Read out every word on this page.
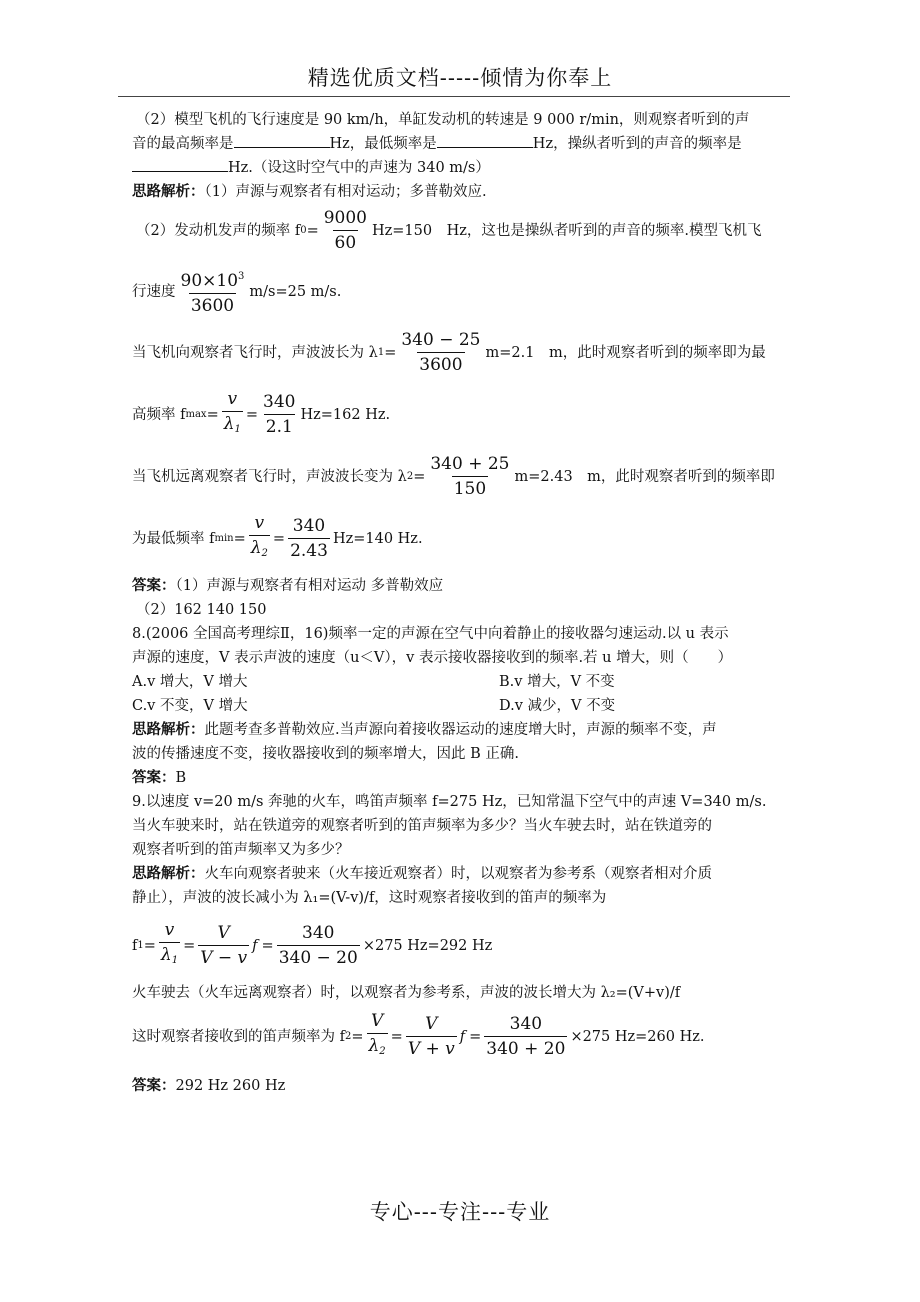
精选优质文档-----倾情为你奉上
（2）模型飞机的飞行速度是 90 km/h，单缸发动机的转速是 9 000 r/min，则观察者听到的声
音的最高频率是	Hz，最低频率是	Hz，操纵者听到的声音的频率是
Hz.（设这时空气中的声速为 340 m/s）
思路解析：（1）声源与观察者有相对运动；多普勒效应.
（2）发动机发声的频率 f $0 = \frac{9000}{60} Hz=150$　Hz，这也是操纵者听到的声音的频率.模型飞机飞
行速度 $\frac{90\times 10^3}{3600} m/s=25$ m/s.
当飞机向观察者飞行时，声波波长为 λ $1 = \frac{340 - 25}{3600} m=2.1$　m，此时观察者听到的频率即为最
高频率 f $\max = \frac{v}{\lambda_1} = \frac{340}{2.1} Hz=162$ Hz.
当飞机远离观察者飞行时，声波波长变为 λ $2 = \frac{340 + 25}{150} m=2.43$　m，此时观察者听到的频率即
为最低频率 f $\min = \frac{v}{\lambda_2} = \frac{340}{2.43} Hz=140$ Hz.
答案：（1）声源与观察者有相对运动 多普勒效应
（2）162 140 150
8.(2006 全国高考理综Ⅱ，16)频率一定的声源在空气中向着静止的接收器匀速运动.以 u 表示
声源的速度，V 表示声波的速度（u＜V），v 表示接收器接收到的频率.若 u 增大，则（　　）
A.v 增大，V 增大	B.v 增大，V 不变
C.v 不变，V 增大	D.v 减少，V 不变
思路解析：此题考查多普勒效应.当声源向着接收器运动的速度增大时，声源的频率不变，声
波的传播速度不变，接收器接收到的频率增大，因此 B 正确.
答案：B
9.以速度 v=20 m/s 奔驰的火车，鸣笛声频率 f=275 Hz，已知常温下空气中的声速 V=340 m/s.
当火车驶来时，站在铁道旁的观察者听到的笛声频率为多少？当火车驶去时，站在铁道旁的
观察者听到的笛声频率又为多少？
思路解析：火车向观察者驶来（火车接近观察者）时，以观察者为参考系（观察者相对介质
静止），声波的波长减小为 λ₁=(V-v)/f，这时观察者接收到的笛声的频率为
f $1 = \frac{v}{\lambda_1} = \frac{V}{V - v}$ $f = \frac{340}{340 - 20} \times 275$ Hz=292 Hz
火车驶去（火车远离观察者）时，以观察者为参考系，声波的波长增大为 λ₂=(V+v)/f
这时观察者接收到的笛声频率为 f $2 = \frac{V}{\lambda_2} = \frac{V}{V + v}$ $f = \frac{340}{340 + 20} \times 275$ Hz=260 Hz.
答案：292 Hz 260 Hz
专心---专注---专业
